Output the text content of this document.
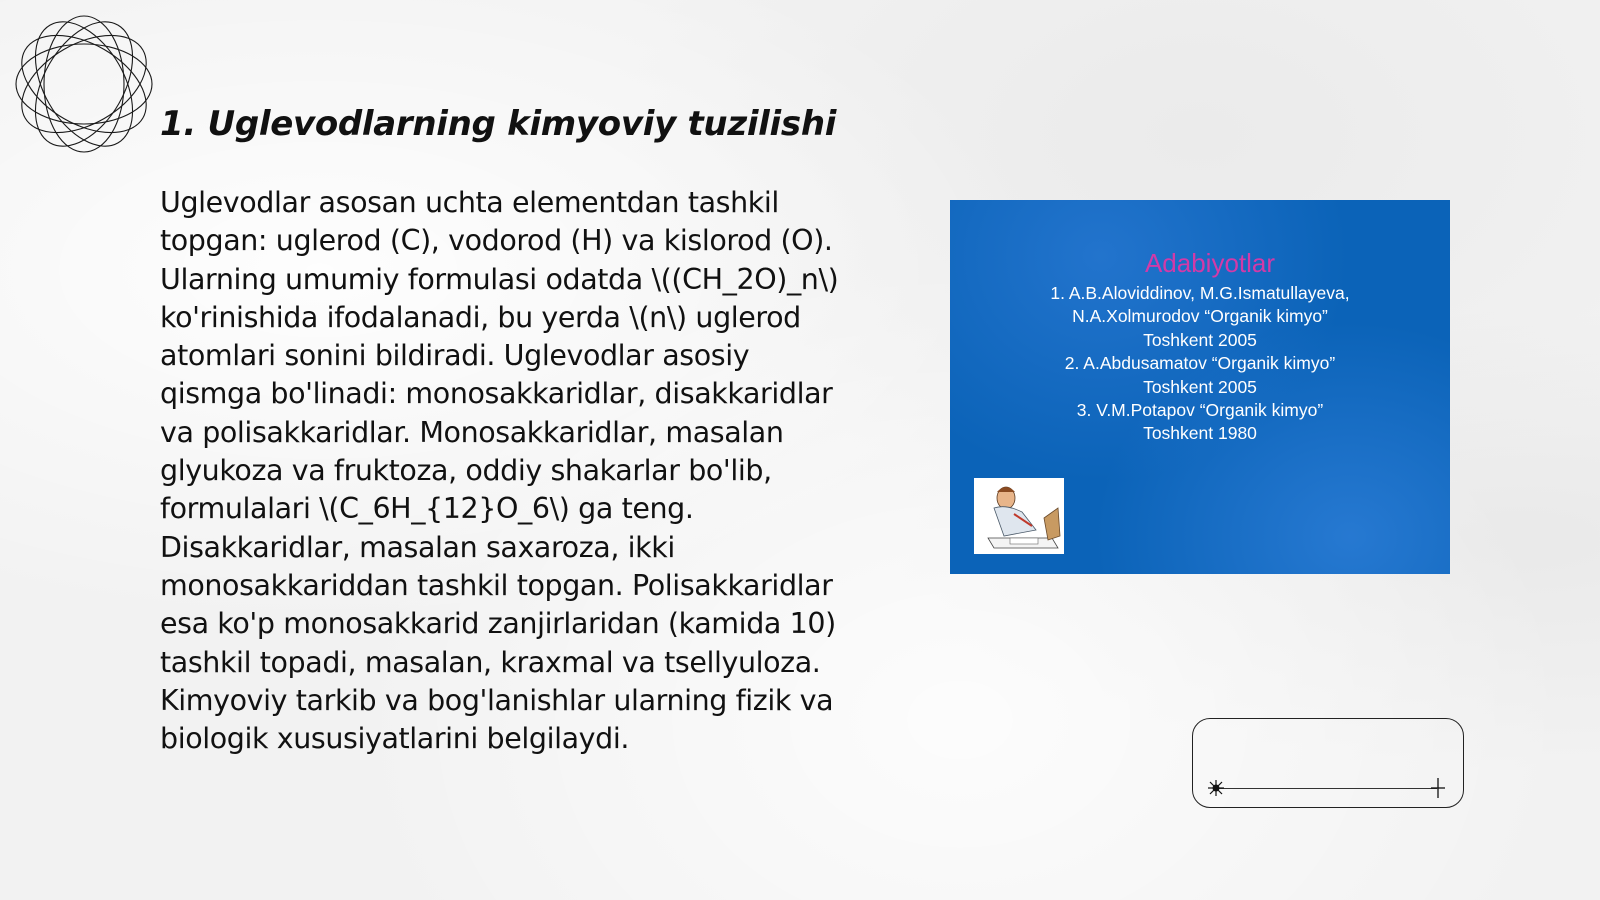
1. Uglevodlarning kimyoviy tuzilishi

Uglevodlar asosan uchta elementdan tashkil topgan: uglerod (C), vodorod (H) va kislorod (O). Ularning umumiy formulasi odatda \((CH_2O)_n\) ko'rinishida ifodalanadi, bu yerda \(n\) uglerod atomlari sonini bildiradi. Uglevodlar asosiy qismga bo'linadi: monosakkaridlar, disakkaridlar va polisakkaridlar. Monosakkaridlar, masalan glyukoza va fruktoza, oddiy shakarlar bo'lib, formulalari \(C_6H_{12}O_6\) ga teng. Disakkaridlar, masalan saxaroza, ikki monosakkariddan tashkil topgan. Polisakkaridlar esa ko'p monosakkarid zanjirlaridan (kamida 10) tashkil topadi, masalan, kraxmal va tsellyuloza. Kimyoviy tarkib va bog'lanishlar ularning fizik va biologik xususiyatlarini belgilaydi.

Adabiyotlar
1. A.B.Aloviddinov, M.G.Ismatullayeva,
N.A.Xolmurodov “Organik kimyo”
Toshkent 2005
2. A.Abdusamatov “Organik kimyo”
Toshkent 2005
3. V.M.Potapov “Organik kimyo”
Toshkent 1980
